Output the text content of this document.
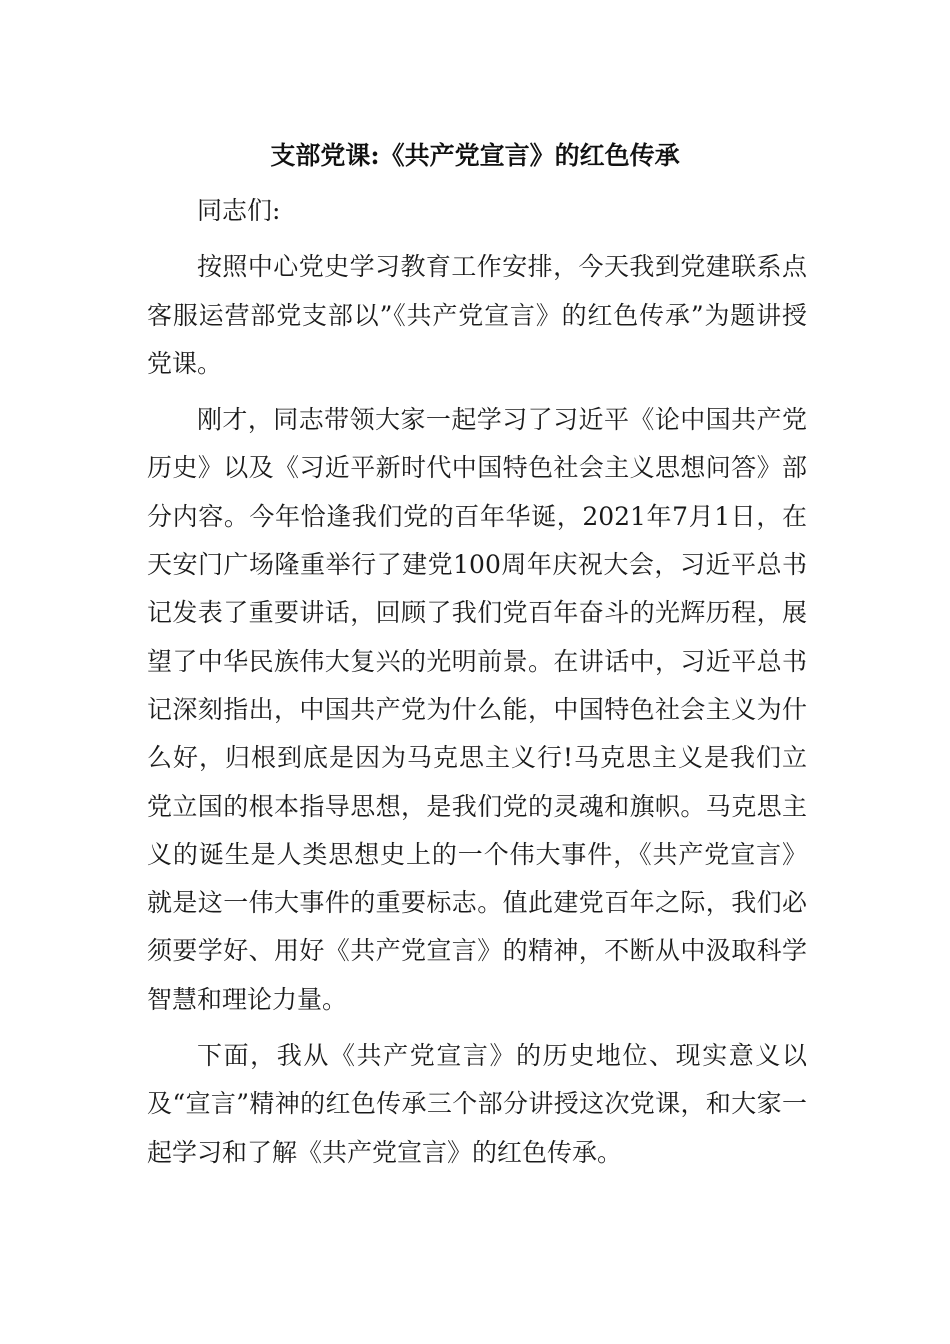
支部党课:《共产党宣言》的红色传承

同志们:

按照中心党史学习教育工作安排，今天我到党建联系点客服运营部党支部以”《共产党宣言》的红色传承”为题讲授党课。

刚才，同志带领大家一起学习了习近平《论中国共产党历史》以及《习近平新时代中国特色社会主义思想问答》部分内容。今年恰逢我们党的百年华诞，2021年7月1日，在天安门广场隆重举行了建党100周年庆祝大会，习近平总书记发表了重要讲话，回顾了我们党百年奋斗的光辉历程，展望了中华民族伟大复兴的光明前景。在讲话中，习近平总书记深刻指出，中国共产党为什么能，中国特色社会主义为什么好，归根到底是因为马克思主义行!马克思主义是我们立党立国的根本指导思想，是我们党的灵魂和旗帜。马克思主义的诞生是人类思想史上的一个伟大事件，《共产党宣言》就是这一伟大事件的重要标志。值此建党百年之际，我们必须要学好、用好《共产党宣言》的精神，不断从中汲取科学智慧和理论力量。

下面，我从《共产党宣言》的历史地位、现实意义以及“宣言”精神的红色传承三个部分讲授这次党课，和大家一起学习和了解《共产党宣言》的红色传承。
